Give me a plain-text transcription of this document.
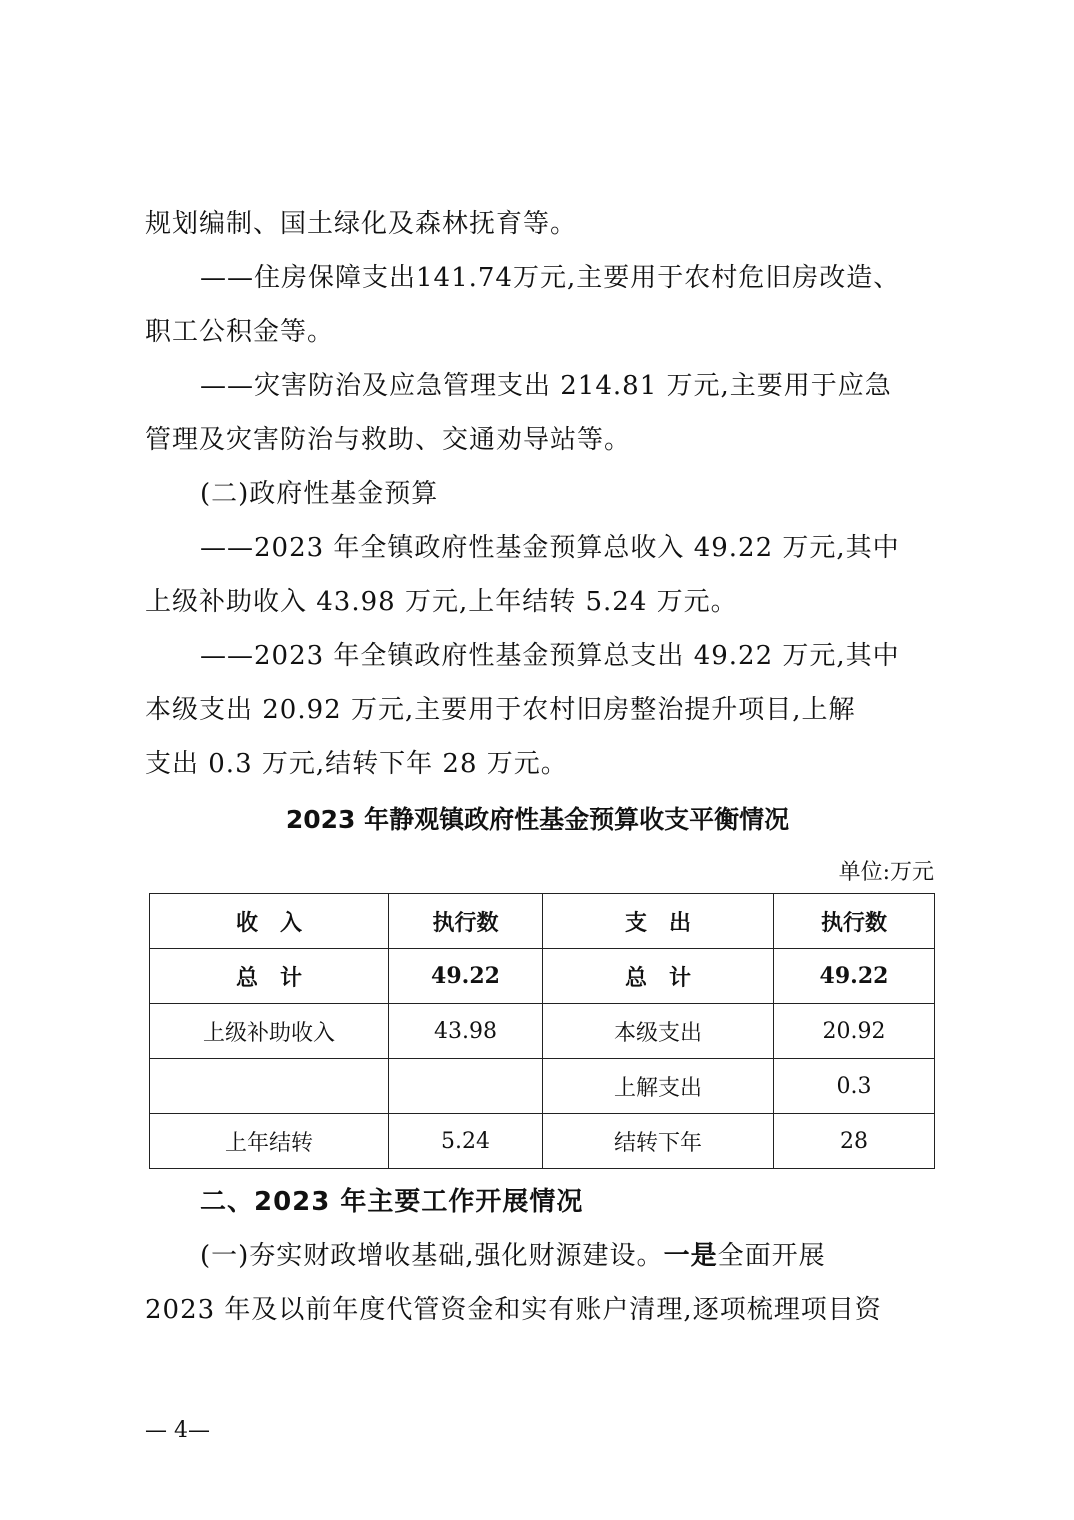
规划编制、国土绿化及森林抚育等。
——住房保障支出141.74万元,主要用于农村危旧房改造、
职工公积金等。
——灾害防治及应急管理支出 214.81 万元,主要用于应急
管理及灾害防治与救助、交通劝导站等。
(二)政府性基金预算
——2023 年全镇政府性基金预算总收入 49.22 万元,其中
上级补助收入 43.98 万元,上年结转 5.24 万元。
——2023 年全镇政府性基金预算总支出 49.22 万元,其中
本级支出 20.92 万元,主要用于农村旧房整治提升项目,上解
支出 0.3 万元,结转下年 28 万元。
2023 年静观镇政府性基金预算收支平衡情况
单位:万元
收　入	执行数	支　出	执行数
总　计	49.22	总　计	49.22
上级补助收入	43.98	本级支出	20.92
		上解支出	0.3
上年结转	5.24	结转下年	28
二、2023 年主要工作开展情况
(一)夯实财政增收基础,强化财源建设。一是全面开展
2023 年及以前年度代管资金和实有账户清理,逐项梳理项目资
— 4—
